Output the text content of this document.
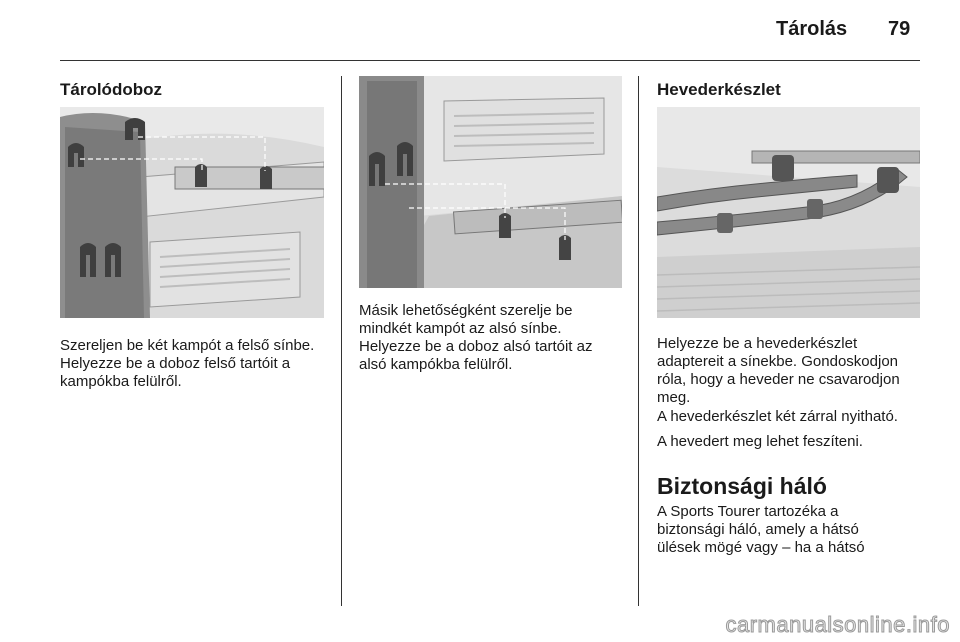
Tárolás 79
Tárolódoboz

Szereljen be két kampót a felső sínbe. Helyezze be a doboz felső tartóit a kampókba felülről.

Másik lehetőségként szerelje be mindkét kampót az alsó sínbe. Helyezze be a doboz alsó tartóit az alsó kampókba felülről.

Hevederkészlet

Helyezze be a hevederkészlet adaptereit a sínekbe. Gondoskodjon róla, hogy a heveder ne csavarodjon meg.

A hevederkészlet két zárral nyitható.

A hevedert meg lehet feszíteni.

Biztonsági háló

A Sports Tourer tartozéka a biztonsági háló, amely a hátsó ülések mögé vagy – ha a hátsó

carmanualsonline.info
